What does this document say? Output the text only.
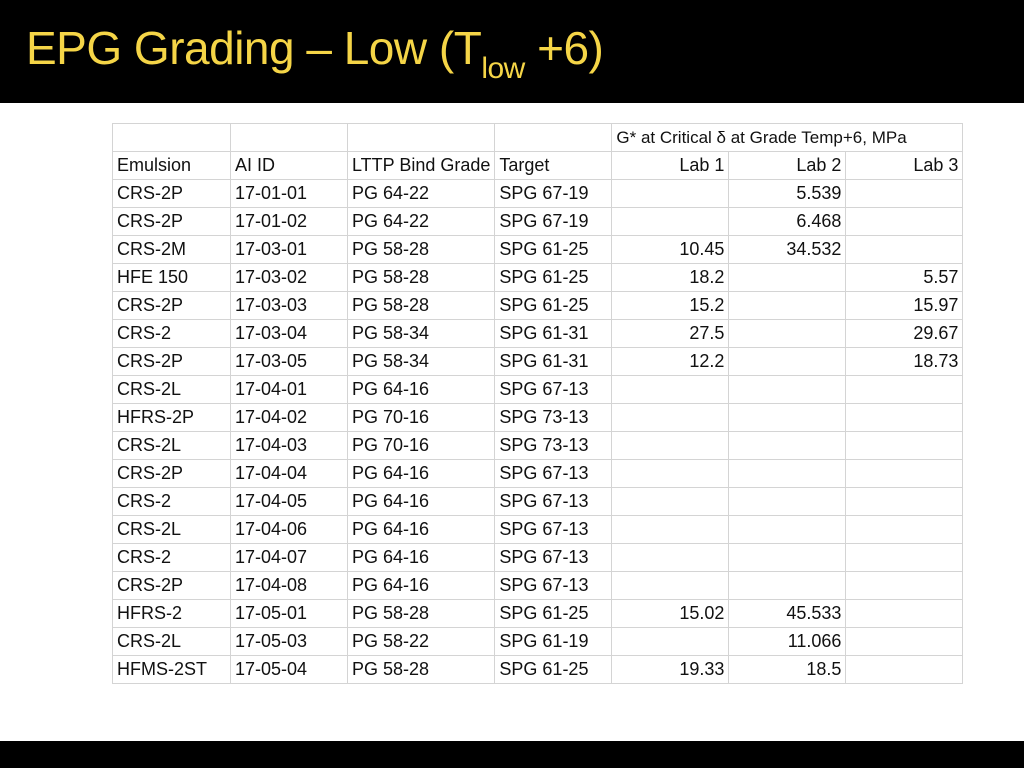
EPG Grading – Low $(T_{low} +6)$
				G* at Critical δ at Grade Temp+6, MPa		
Emulsion	AI ID	LTTP Bind Grade	Target	Lab 1	Lab 2	Lab 3
CRS-2P	17-01-01	PG 64-22	SPG 67-19		5.539	
CRS-2P	17-01-02	PG 64-22	SPG 67-19		6.468	
CRS-2M	17-03-01	PG 58-28	SPG 61-25	10.45	34.532	
HFE 150	17-03-02	PG 58-28	SPG 61-25	18.2		5.57
CRS-2P	17-03-03	PG 58-28	SPG 61-25	15.2		15.97
CRS-2	17-03-04	PG 58-34	SPG 61-31	27.5		29.67
CRS-2P	17-03-05	PG 58-34	SPG 61-31	12.2		18.73
CRS-2L	17-04-01	PG 64-16	SPG 67-13			
HFRS-2P	17-04-02	PG 70-16	SPG 73-13			
CRS-2L	17-04-03	PG 70-16	SPG 73-13			
CRS-2P	17-04-04	PG 64-16	SPG 67-13			
CRS-2	17-04-05	PG 64-16	SPG 67-13			
CRS-2L	17-04-06	PG 64-16	SPG 67-13			
CRS-2	17-04-07	PG 64-16	SPG 67-13			
CRS-2P	17-04-08	PG 64-16	SPG 67-13			
HFRS-2	17-05-01	PG 58-28	SPG 61-25	15.02	45.533	
CRS-2L	17-05-03	PG 58-22	SPG 61-19		11.066	
HFMS-2ST	17-05-04	PG 58-28	SPG 61-25	19.33	18.5	
